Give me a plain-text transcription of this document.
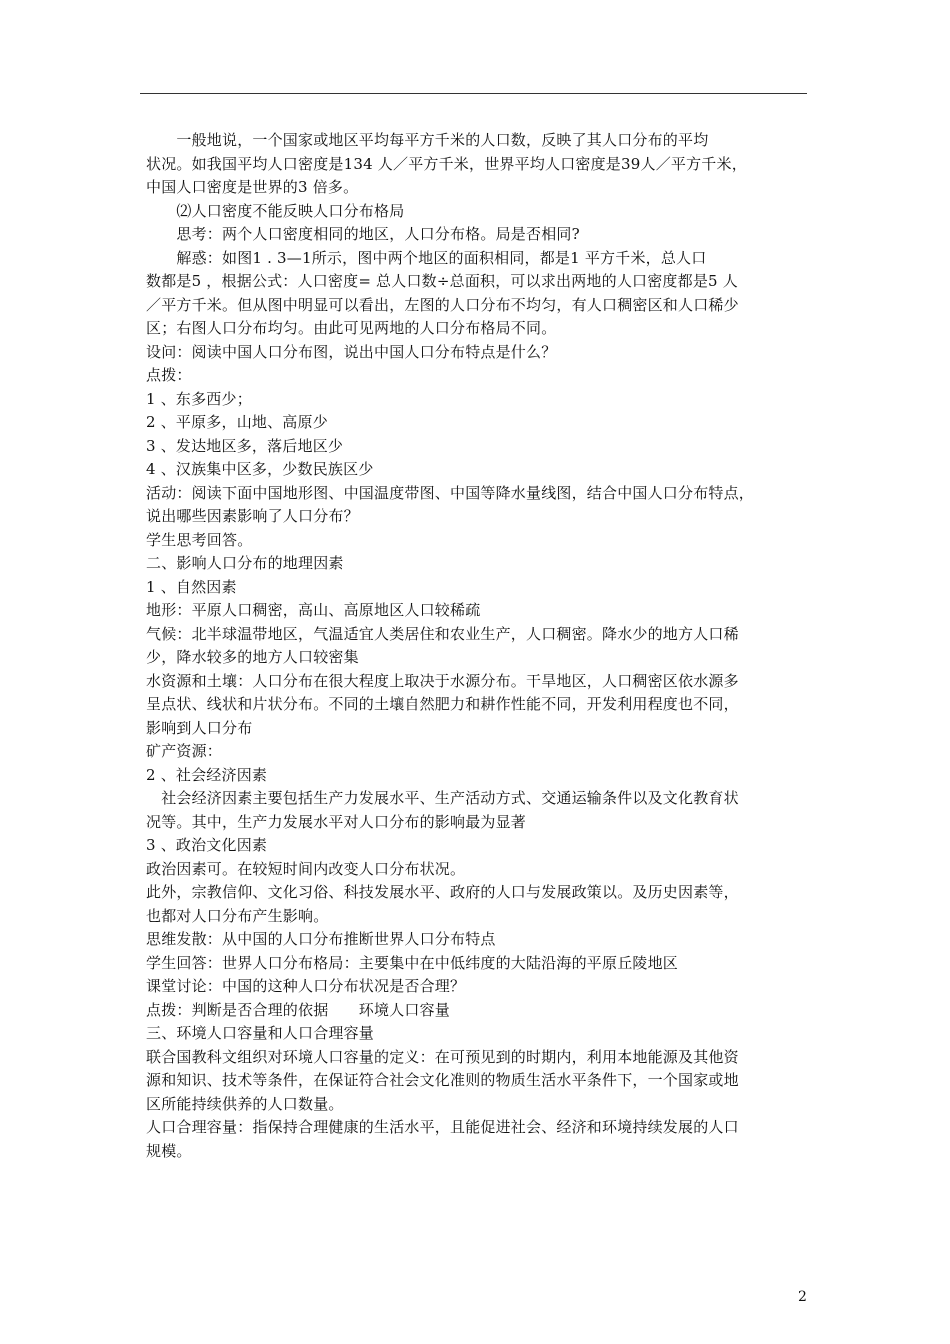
　　一般地说，一个国家或地区平均每平方千米的人口数，反映了其人口分布的平均
状况。如我国平均人口密度是134 人／平方千米，世界平均人口密度是39人／平方千米，
中国人口密度是世界的3 倍多。
　　⑵人口密度不能反映人口分布格局
　　思考：两个人口密度相同的地区，人口分布格。局是否相同?
　　解惑：如图1 . 3—1所示，图中两个地区的面积相同，都是1 平方千米，总人口
数都是5 ，根据公式：人口密度= 总人口数÷总面积，可以求出两地的人口密度都是5 人
／平方千米。但从图中明显可以看出，左图的人口分布不均匀，有人口稠密区和人口稀少
区；右图人口分布均匀。由此可见两地的人口分布格局不同。
设问：阅读中国人口分布图，说出中国人口分布特点是什么？
点拨：
1 、东多西少；
2 、平原多，山地、高原少
3 、发达地区多，落后地区少
4 、汉族集中区多，少数民族区少
活动：阅读下面中国地形图、中国温度带图、中国等降水量线图，结合中国人口分布特点，
说出哪些因素影响了人口分布？
学生思考回答。
二、影响人口分布的地理因素
1 、自然因素
地形：平原人口稠密，高山、高原地区人口较稀疏
气候：北半球温带地区，气温适宜人类居住和农业生产，人口稠密。降水少的地方人口稀
少，降水较多的地方人口较密集
水资源和土壤：人口分布在很大程度上取决于水源分布。干旱地区，人口稠密区依水源多
呈点状、线状和片状分布。不同的土壤自然肥力和耕作性能不同，开发利用程度也不同，
影响到人口分布
矿产资源：
2 、社会经济因素
　社会经济因素主要包括生产力发展水平、生产活动方式、交通运输条件以及文化教育状
况等。其中，生产力发展水平对人口分布的影响最为显著
3 、政治文化因素
政治因素可。在较短时间内改变人口分布状况。
此外，宗教信仰、文化习俗、科技发展水平、政府的人口与发展政策以。及历史因素等，
也都对人口分布产生影响。
思维发散：从中国的人口分布推断世界人口分布特点
学生回答：世界人口分布格局：主要集中在中低纬度的大陆沿海的平原丘陵地区
课堂讨论：中国的这种人口分布状况是否合理？
点拨：判断是否合理的依据　　环境人口容量
三、环境人口容量和人口合理容量
联合国教科文组织对环境人口容量的定义：在可预见到的时期内，利用本地能源及其他资
源和知识、技术等条件，在保证符合社会文化准则的物质生活水平条件下，一个国家或地
区所能持续供养的人口数量。
人口合理容量：指保持合理健康的生活水平，且能促进社会、经济和环境持续发展的人口
规模。
2
